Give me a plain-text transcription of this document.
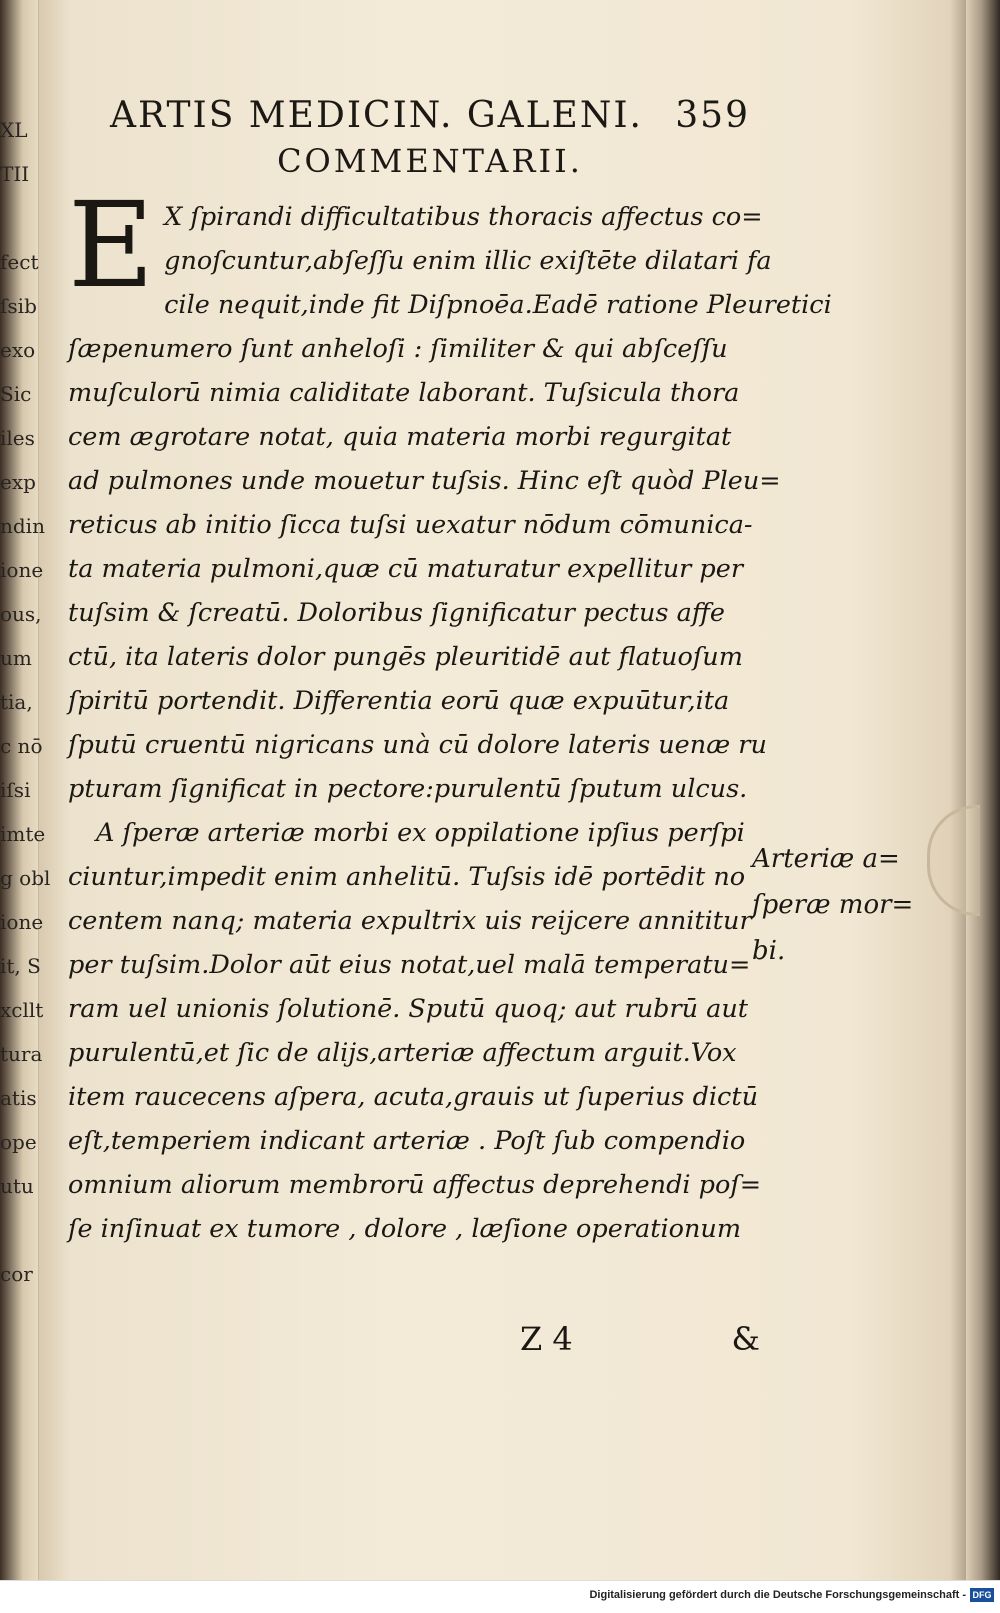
XL
TII
fect
ſsib
exo
Sic
iles
exp
ndin
ione
ous,
um
tia,
c nō
iſsi
imte
g obl
ione
it, S
xcllt
tura
atis
ope
utu
cor
ARTIS MEDICIN. GALENI. 359
COMMENTARII.
E X ſpirandi difficultatibus thoracis affectus co=
gnoſcuntur,abſeſſu enim illic exiſtēte dilatari fa
cile nequit,inde fit Diſpnoēa.Eadē ratione Pleuretici
ſæpenumero ſunt anheloſi : ſimiliter & qui abſceſſu
muſculorū nimia caliditate laborant. Tuſsicula thora
cem ægrotare notat, quia materia morbi regurgitat
ad pulmones unde mouetur tuſsis. Hinc eſt quòd Pleu=
reticus ab initio ſicca tuſsi uexatur nōdum cōmunica-
ta materia pulmoni,quæ cū maturatur expellitur per
tuſsim & ſcreatū. Doloribus ſignificatur pectus affe
ctū, ita lateris dolor pungēs pleuritidē aut flatuoſum
ſpiritū portendit. Differentia eorū quæ expuūtur,ita
ſputū cruentū nigricans unà cū dolore lateris uenæ ru
pturam ſignificat in pectore:purulentū ſputum ulcus.
A ſperæ arteriæ morbi ex oppilatione ipſius perſpi
ciuntur,impedit enim anhelitū. Tuſsis idē portēdit no
centem nanq; materia expultrix uis reijcere annititur
per tuſsim.Dolor aūt eius notat,uel malā temperatu=
ram uel unionis ſolutionē. Sputū quoq; aut rubrū aut
purulentū,et ſic de alijs,arteriæ affectum arguit.Vox
item raucecens aſpera, acuta,grauis ut ſuperius dictū
eſt,temperiem indicant arteriæ . Poſt ſub compendio
omnium aliorum membrorū affectus deprehendi poſ=
ſe inſinuat ex tumore , dolore , læſione operationum
Arteriæ a=
ſperæ mor=
bi.
Z 4	&
Digitalisierung gefördert durch die Deutsche Forschungsgemeinschaft - DFG
